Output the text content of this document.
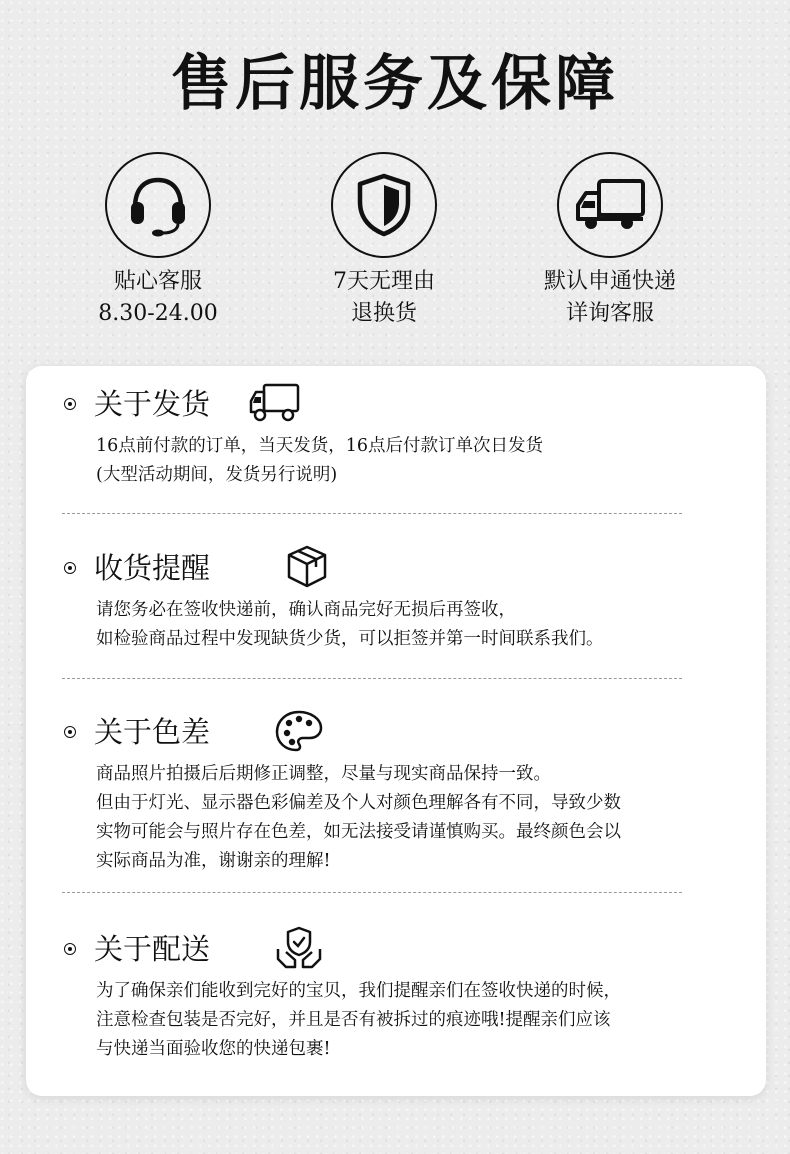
售后服务及保障
贴心客服
8.30-24.00
7天无理由
退换货
默认申通快递
详询客服
关于发货
16点前付款的订单，当天发货，16点后付款订单次日发货
(大型活动期间，发货另行说明)
收货提醒
请您务必在签收快递前，确认商品完好无损后再签收，
如检验商品过程中发现缺货少货，可以拒签并第一时间联系我们。
关于色差
商品照片拍摄后后期修正调整，尽量与现实商品保持一致。
但由于灯光、显示器色彩偏差及个人对颜色理解各有不同，导致少数
实物可能会与照片存在色差，如无法接受请谨慎购买。最终颜色会以
实际商品为准，谢谢亲的理解!
关于配送
为了确保亲们能收到完好的宝贝，我们提醒亲们在签收快递的时候，
注意检查包装是否完好，并且是否有被拆过的痕迹哦!提醒亲们应该
与快递当面验收您的快递包裹!
